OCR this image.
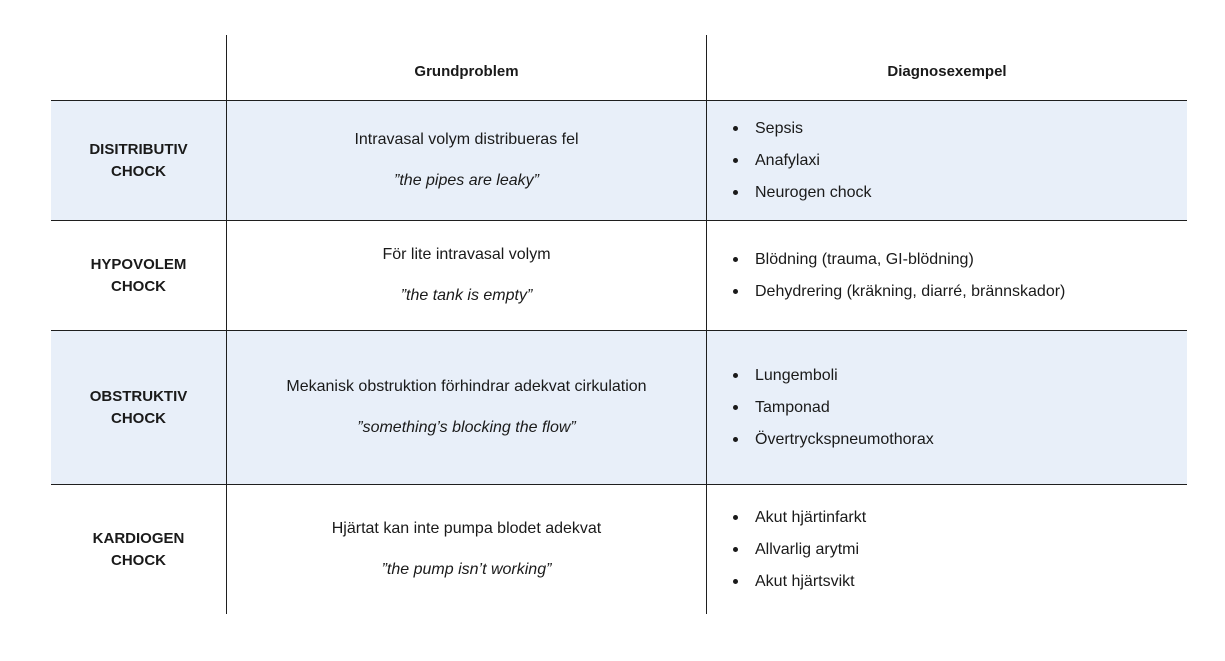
Grundproblem	Diagnosexempel
DISITRIBUTIV
CHOCK
Intravasal volym distribueras fel
”the pipes are leaky”
Sepsis
Anafylaxi
Neurogen chock
HYPOVOLEM
CHOCK
För lite intravasal volym
”the tank is empty”
Blödning (trauma, GI-blödning)
Dehydrering (kräkning, diarré, brännskador)
OBSTRUKTIV
CHOCK
Mekanisk obstruktion förhindrar adekvat cirkulation
”something’s blocking the flow”
Lungemboli
Tamponad
Övertryckspneumothorax
KARDIOGEN
CHOCK
Hjärtat kan inte pumpa blodet adekvat
”the pump isn’t working”
Akut hjärtinfarkt
Allvarlig arytmi
Akut hjärtsvikt
